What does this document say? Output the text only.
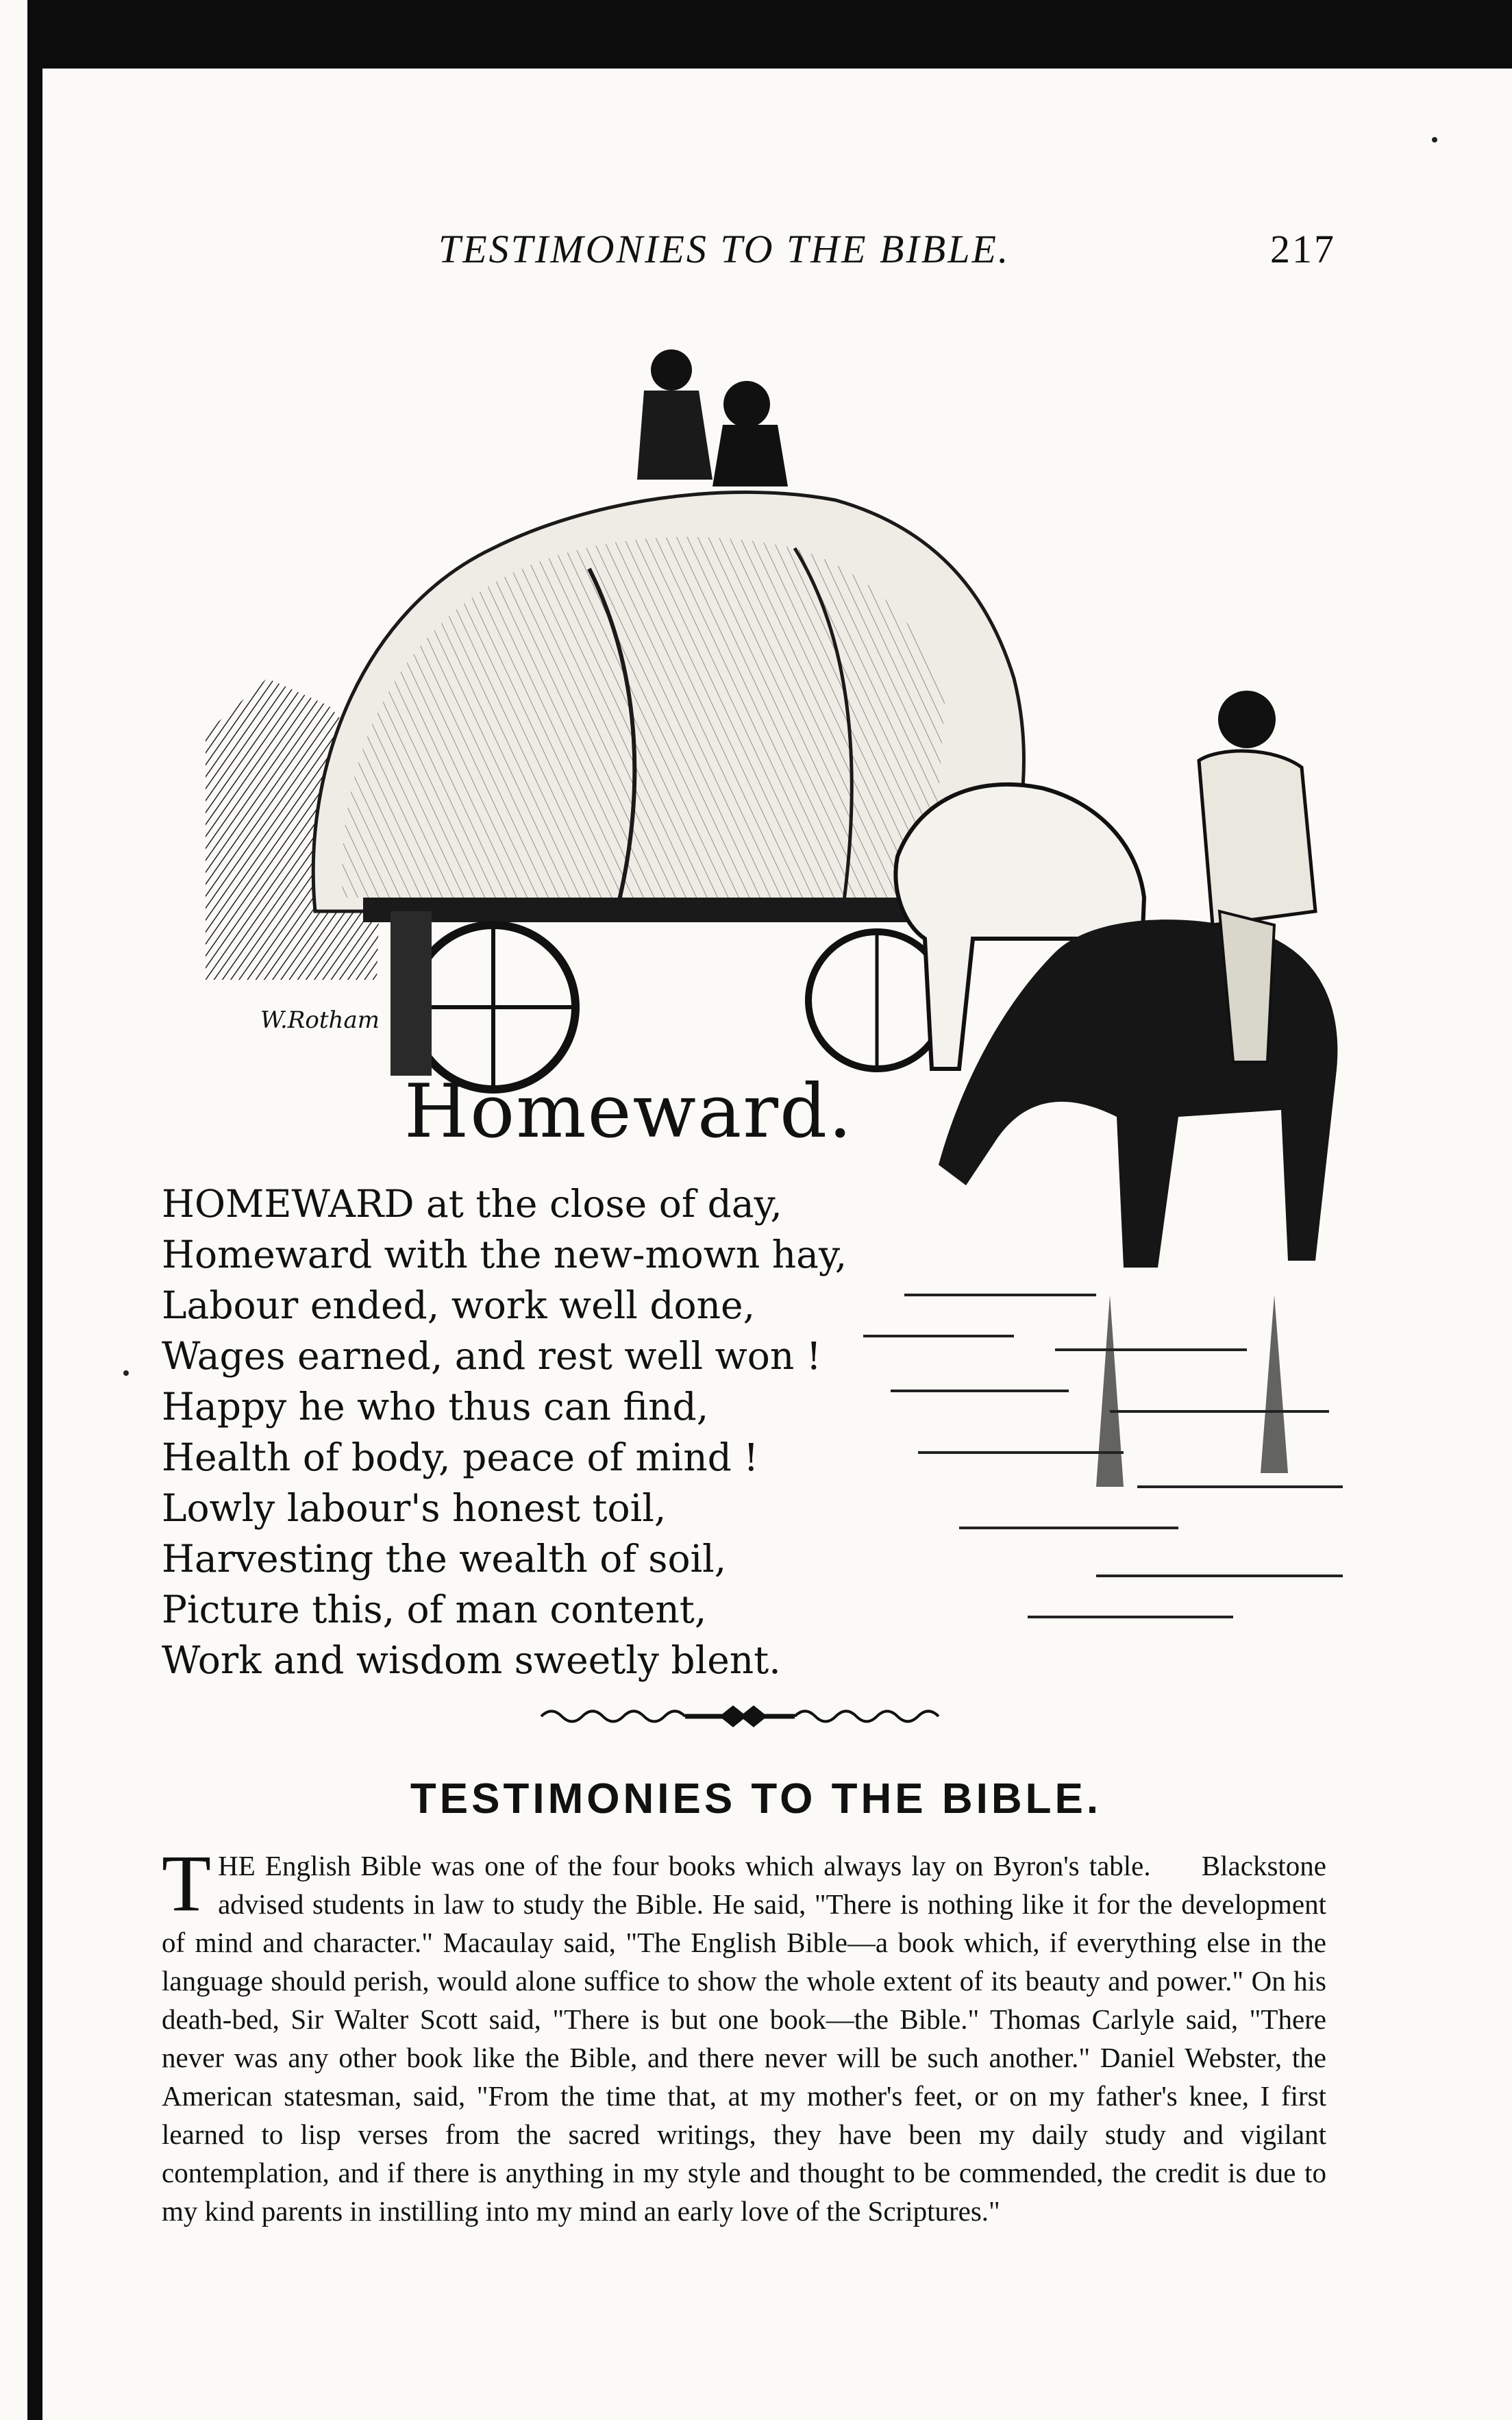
TESTIMONIES TO THE BIBLE.	217
W.Rotham
Homeward.
HOMEWARD at the close of day,
Homeward with the new-mown hay,
Labour ended, work well done,
Wages earned, and rest well won !
Happy he who thus can find,
Health of body, peace of mind !
Lowly labour's honest toil,
Harvesting the wealth of soil,
Picture this, of man content,
Work and wisdom sweetly blent.
TESTIMONIES TO THE BIBLE.
T HE English Bible was one of the four books which always lay on Byron's table. Blackstone advised students in law to study the Bible. He said, "There is nothing like it for the development of mind and character." Macaulay said, "The English Bible—a book which, if everything else in the language should perish, would alone suffice to show the whole extent of its beauty and power." On his death-bed, Sir Walter Scott said, "There is but one book—the Bible." Thomas Carlyle said, "There never was any other book like the Bible, and there never will be such another." Daniel Webster, the American statesman, said, "From the time that, at my mother's feet, or on my father's knee, I first learned to lisp verses from the sacred writings, they have been my daily study and vigilant contemplation, and if there is anything in my style and thought to be commended, the credit is due to my kind parents in instilling into my mind an early love of the Scriptures."
